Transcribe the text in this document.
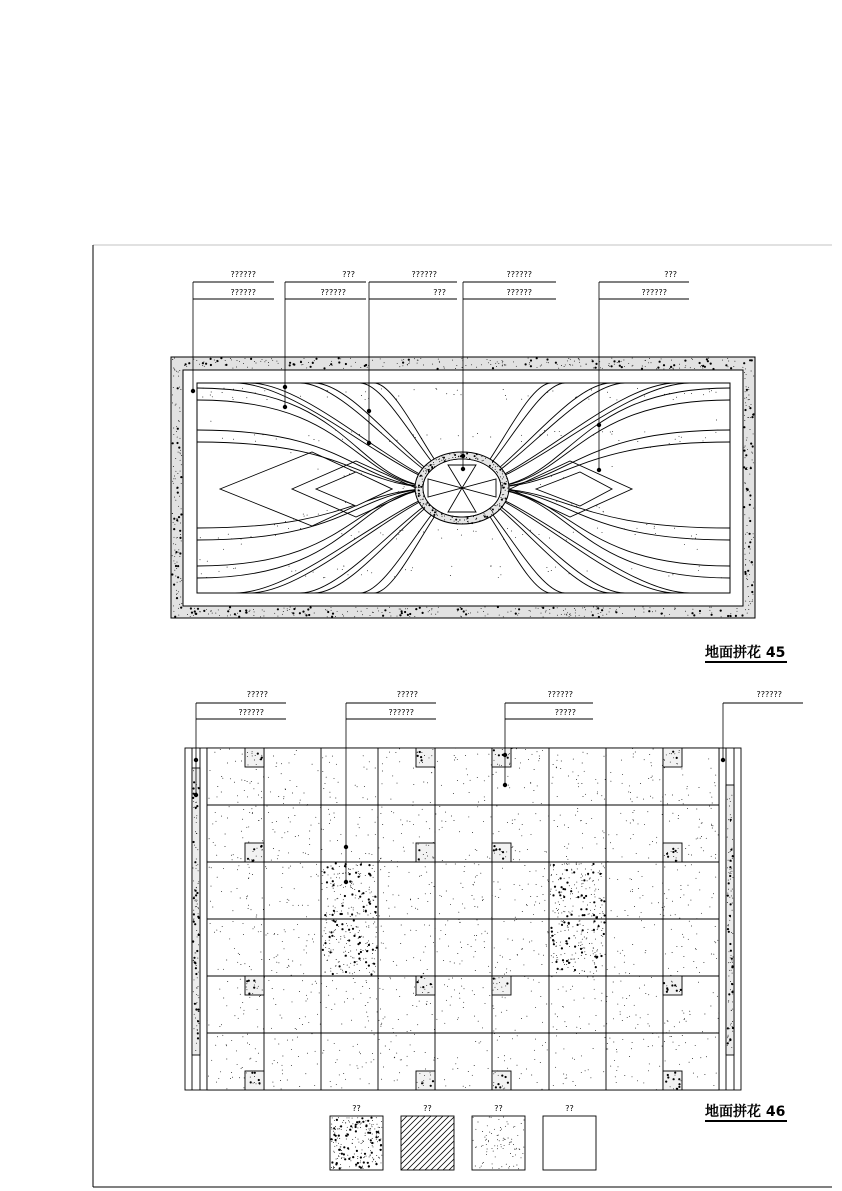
??????
??????
???
??????
??????
???
??????
??????
???
??????
地面拼花 45
?????
??????
?????
??????
??????
?????
??????
??	??	??	??	地面拼花 46
